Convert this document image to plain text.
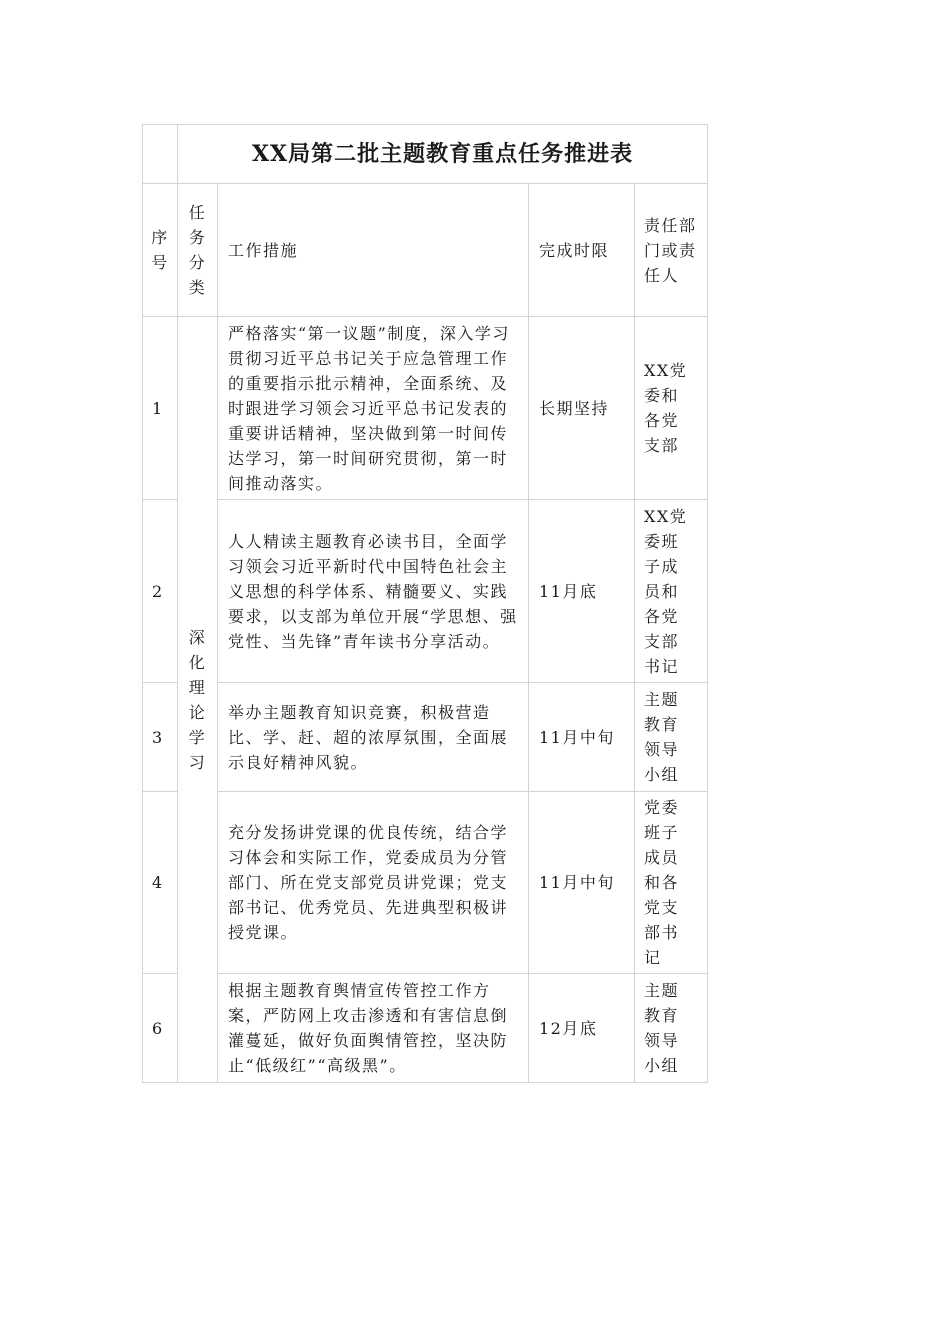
	XX局第二批主题教育重点任务推进表			
序号	任务分类	工作措施	完成时限	责任部门或责任人
1	深化理论学习	严格落实“第一议题”制度，深入学习贯彻习近平总书记关于应急管理工作的重要指示批示精神，全面系统、及时跟进学习领会习近平总书记发表的重要讲话精神，坚决做到第一时间传达学习，第一时间研究贯彻，第一时间推动落实。	长期坚持	XX党委和各党支部
2		人人精读主题教育必读书目，全面学习领会习近平新时代中国特色社会主义思想的科学体系、精髓要义、实践要求，以支部为单位开展“学思想、强党性、当先锋”青年读书分享活动。	11月底	XX党委班子成员和各党支部书记
3		举办主题教育知识竞赛，积极营造比、学、赶、超的浓厚氛围，全面展示良好精神风貌。	11月中旬	主题教育领导小组
4		充分发扬讲党课的优良传统，结合学习体会和实际工作，党委成员为分管部门、所在党支部党员讲党课；党支部书记、优秀党员、先进典型积极讲授党课。	11月中旬	党委班子成员和各党支部书记
6		根据主题教育舆情宣传管控工作方案，严防网上攻击渗透和有害信息倒灌蔓延，做好负面舆情管控，坚决防止“低级红”“高级黑”。	12月底	主题教育领导小组
